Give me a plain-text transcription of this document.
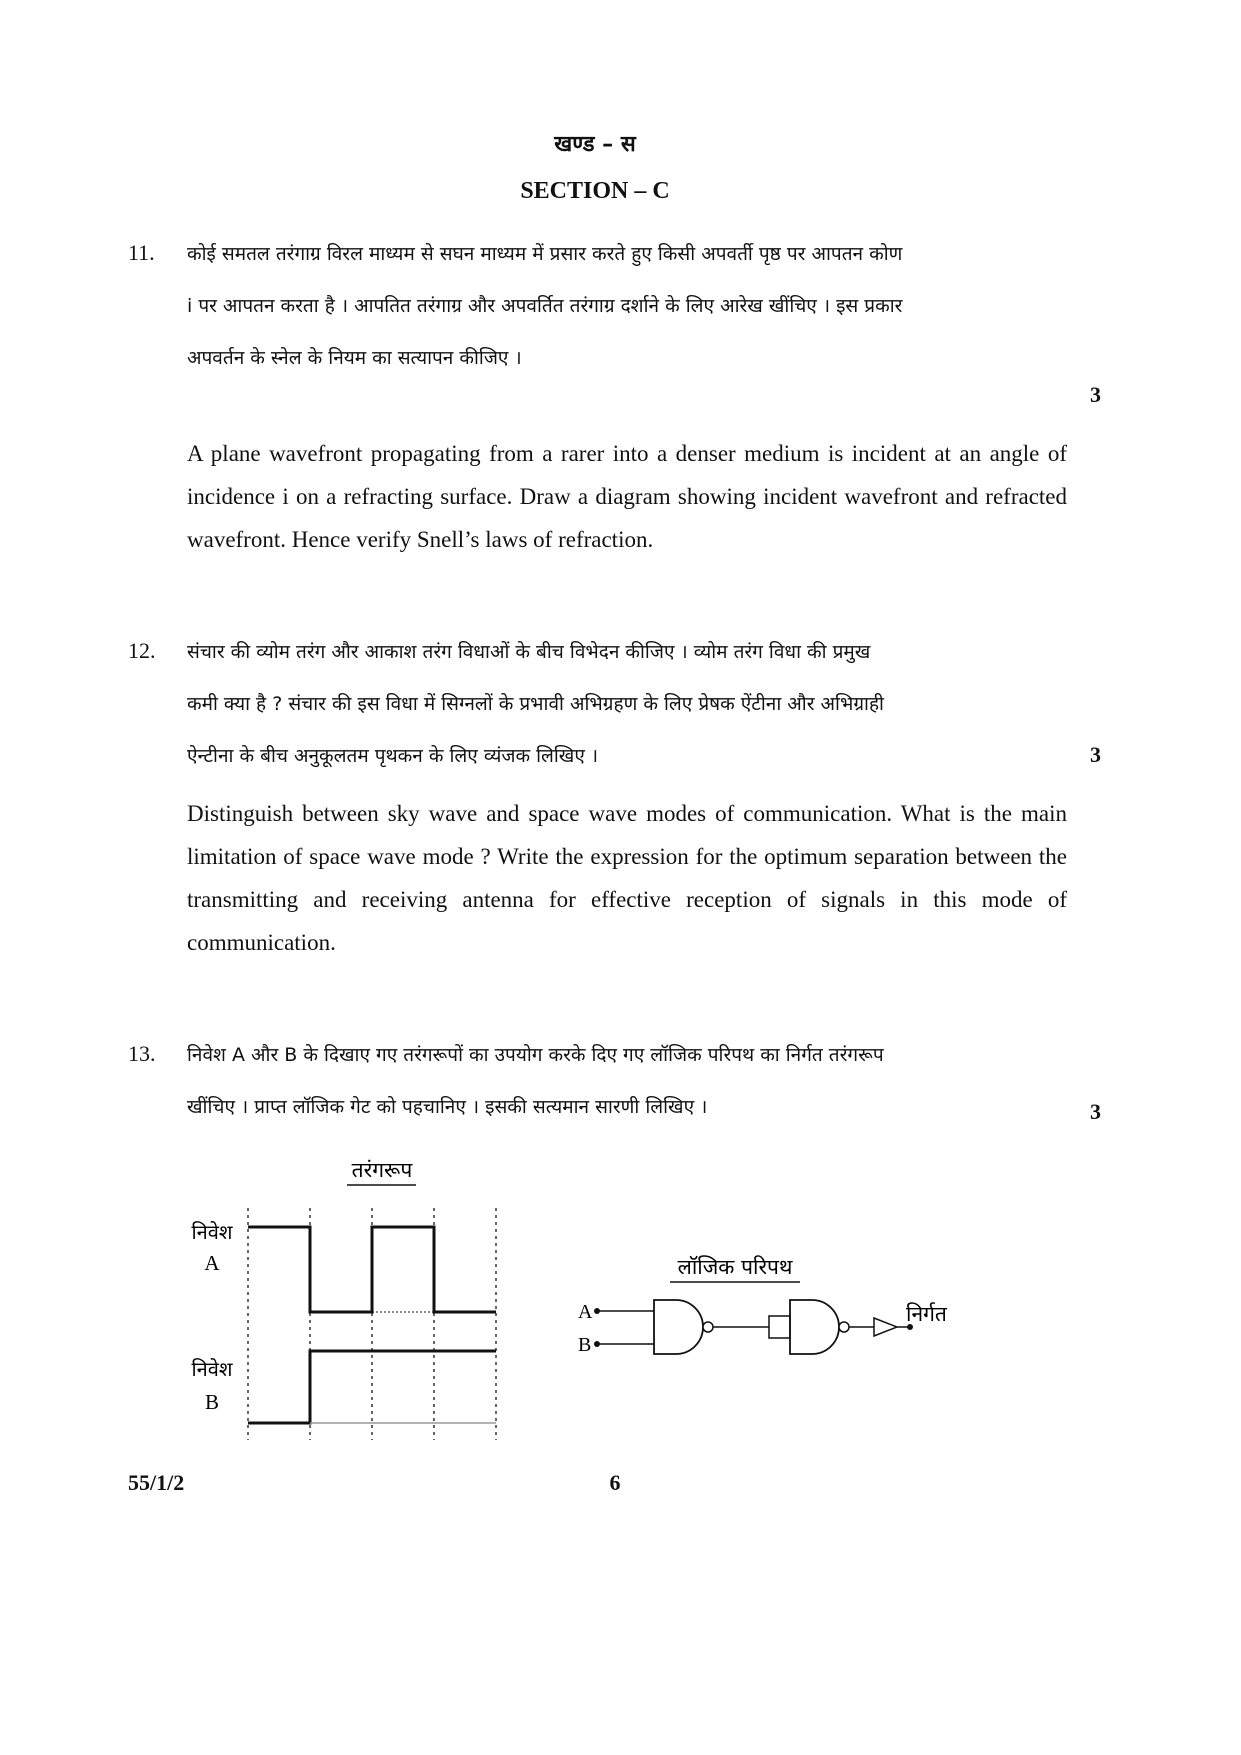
खण्ड – स
SECTION – C
11. कोई समतल तरंगाग्र विरल माध्यम से सघन माध्यम में प्रसार करते हुए किसी अपवर्ती पृष्ठ पर आपतन कोण
i पर आपतन करता है । आपतित तरंगाग्र और अपवर्तित तरंगाग्र दर्शाने के लिए आरेख खींचिए । इस प्रकार
अपवर्तन के स्नेल के नियम का सत्यापन कीजिए ।
3
A plane wavefront propagating from a rarer into a denser medium is incident at an angle of incidence i on a refracting surface. Draw a diagram showing incident wavefront and refracted wavefront. Hence verify Snell’s laws of refraction.
12. संचार की व्योम तरंग और आकाश तरंग विधाओं के बीच विभेदन कीजिए । व्योम तरंग विधा की प्रमुख
कमी क्या है ? संचार की इस विधा में सिग्नलों के प्रभावी अभिग्रहण के लिए प्रेषक ऐंटीना और अभिग्राही
ऐन्टीना के बीच अनुकूलतम पृथकन के लिए व्यंजक लिखिए ।	3
Distinguish between sky wave and space wave modes of communication. What is the main limitation of space wave mode ? Write the expression for the optimum separation between the transmitting and receiving antenna for effective reception of signals in this mode of communication.
13. निवेश A और B के दिखाए गए तरंगरूपों का उपयोग करके दिए गए लॉजिक परिपथ का निर्गत तरंगरूप
खींचिए । प्राप्त लॉजिक गेट को पहचानिए । इसकी सत्यमान सारणी लिखिए ।	3
तरंगरूप
निवेश
A
निवेश
B
लॉजिक परिपथ
A
B
निर्गत
55/1/2	6
